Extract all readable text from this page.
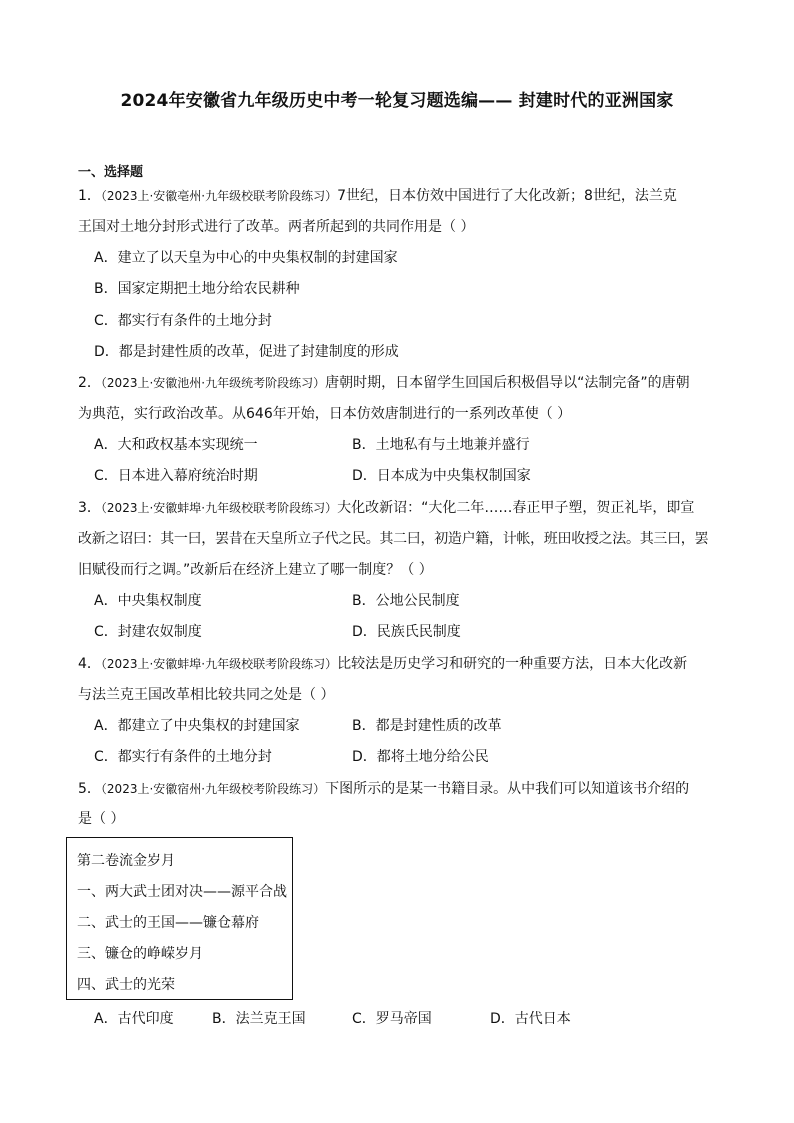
2024年安徽省九年级历史中考一轮复习题选编—— 封建时代的亚洲国家
一、选择题
1．（2023上·安徽亳州·九年级校联考阶段练习）7世纪，日本仿效中国进行了大化改新；8世纪，法兰克
王国对土地分封形式进行了改革。两者所起到的共同作用是（ ）
A．建立了以天皇为中心的中央集权制的封建国家
B．国家定期把土地分给农民耕种
C．都实行有条件的土地分封
D．都是封建性质的改革，促进了封建制度的形成
2．（2023上·安徽池州·九年级统考阶段练习）唐朝时期，日本留学生回国后积极倡导以“法制完备”的唐朝
为典范，实行政治改革。从646年开始，日本仿效唐制进行的一系列改革使（ ）
A．大和政权基本实现统一	B．土地私有与土地兼并盛行
C．日本进入幕府统治时期	D．日本成为中央集权制国家
3．（2023上·安徽蚌埠·九年级校联考阶段练习）大化改新诏：“大化二年……春正甲子塑，贺正礼毕，即宣
改新之诏曰：其一曰，罢昔在天皇所立子代之民。其二曰，初造户籍，计帐，班田收授之法。其三曰，罢
旧赋役而行之调。”改新后在经济上建立了哪一制度？（ ）
A．中央集权制度	B．公地公民制度
C．封建农奴制度	D．民族氏民制度
4．（2023上·安徽蚌埠·九年级校联考阶段练习）比较法是历史学习和研究的一种重要方法，日本大化改新
与法兰克王国改革相比较共同之处是（ ）
A．都建立了中央集权的封建国家	B．都是封建性质的改革
C．都实行有条件的土地分封	D．都将土地分给公民
5．（2023上·安徽宿州·九年级校考阶段练习）下图所示的是某一书籍目录。从中我们可以知道该书介绍的
是（ ）
第二卷流金岁月
一、两大武士团对决——源平合战
二、武士的王国——镰仓幕府
三、镰仓的峥嵘岁月
四、武士的光荣
A．古代印度	B．法兰克王国	C．罗马帝国	D．古代日本
